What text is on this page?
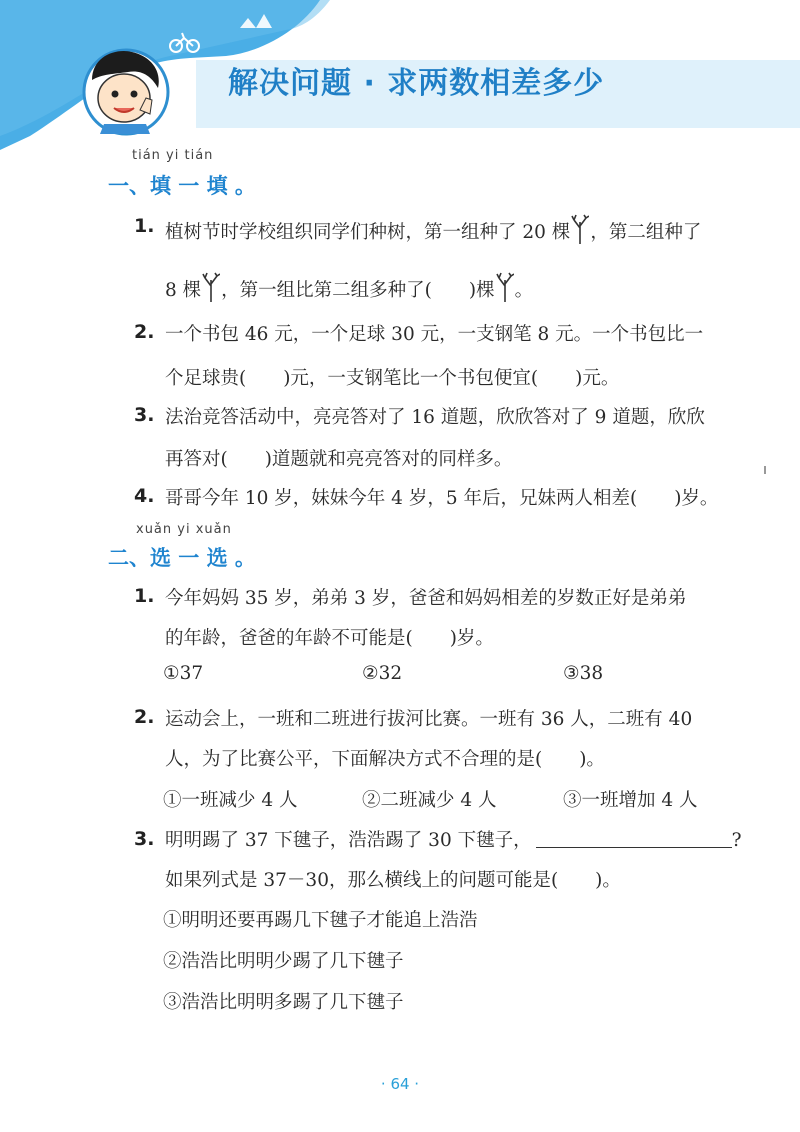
解决问题 · 求两数相差多少
tián yi tián
一、填 一 填 。
1. 植树节时学校组织同学们种树，第一组种了 20 棵 ，第二组种了
8 棵 ，第一组比第二组多种了(　　)棵 。
2. 一个书包 46 元，一个足球 30 元，一支钢笔 8 元。一个书包比一
个足球贵(　　)元，一支钢笔比一个书包便宜(　　)元。
3. 法治竞答活动中，亮亮答对了 16 道题，欣欣答对了 9 道题，欣欣
再答对(　　)道题就和亮亮答对的同样多。
4. 哥哥今年 10 岁，妹妹今年 4 岁，5 年后，兄妹两人相差(　　)岁。
xuǎn yi xuǎn
二、选 一 选 。
1. 今年妈妈 35 岁，弟弟 3 岁，爸爸和妈妈相差的岁数正好是弟弟
的年龄，爸爸的年龄不可能是(　　)岁。
①37	②32	③38
2. 运动会上，一班和二班进行拔河比赛。一班有 36 人，二班有 40
人，为了比赛公平，下面解决方式不合理的是(　　)。
①一班减少 4 人	②二班减少 4 人	③一班增加 4 人
3. 明明踢了 37 下毽子，浩浩踢了 30 下毽子，	?
如果列式是 37－30，那么横线上的问题可能是(　　)。
①明明还要再踢几下毽子才能追上浩浩
②浩浩比明明少踢了几下毽子
③浩浩比明明多踢了几下毽子
· 64 ·
